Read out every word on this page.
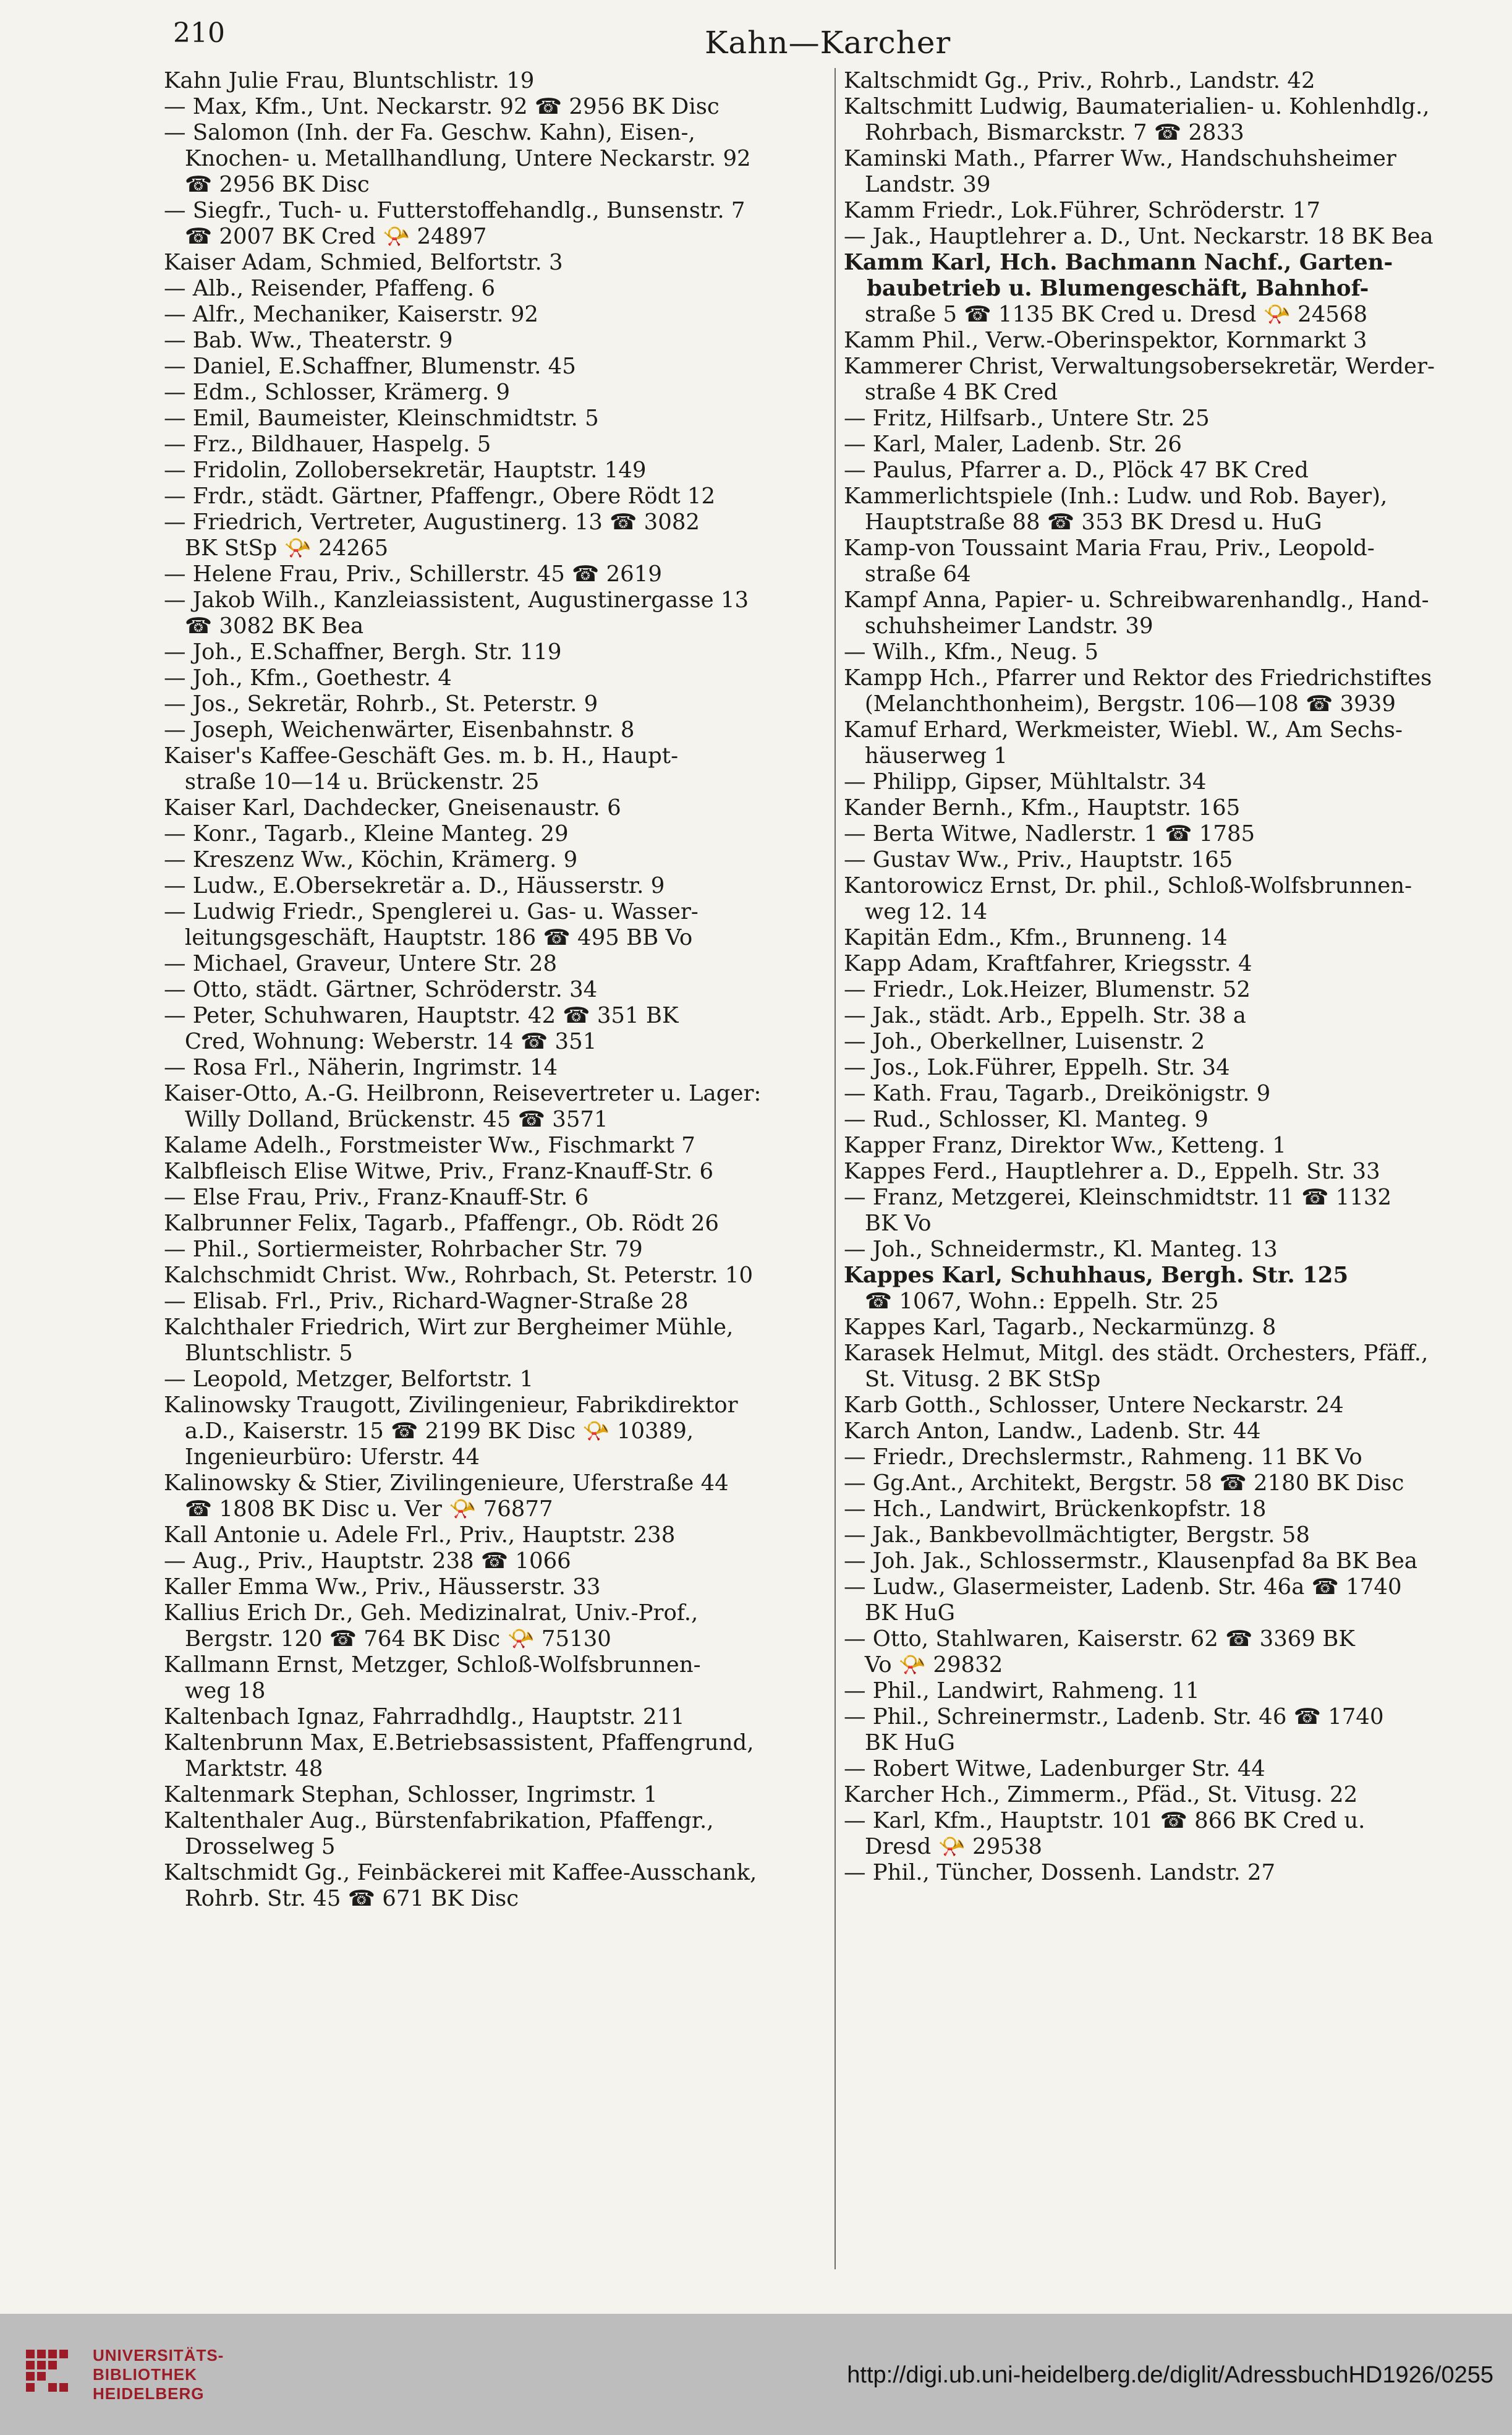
210	Kahn—Karcher
Kahn Julie Frau, Bluntschlistr. 19
— Max, Kfm., Unt. Neckarstr. 92 ☎ 2956 BK Disc
— Salomon (Inh. der Fa. Geschw. Kahn), Eisen-,
Knochen- u. Metallhandlung, Untere Neckarstr. 92
☎ 2956 BK Disc
— Siegfr., Tuch- u. Futterstoffehandlg., Bunsenstr. 7
☎ 2007 BK Cred 📯 24897
Kaiser Adam, Schmied, Belfortstr. 3
— Alb., Reisender, Pfaffeng. 6
— Alfr., Mechaniker, Kaiserstr. 92
— Bab. Ww., Theaterstr. 9
— Daniel, E.Schaffner, Blumenstr. 45
— Edm., Schlosser, Krämerg. 9
— Emil, Baumeister, Kleinschmidtstr. 5
— Frz., Bildhauer, Haspelg. 5
— Fridolin, Zollobersekretär, Hauptstr. 149
— Frdr., städt. Gärtner, Pfaffengr., Obere Rödt 12
— Friedrich, Vertreter, Augustinerg. 13 ☎ 3082
BK StSp 📯 24265
— Helene Frau, Priv., Schillerstr. 45 ☎ 2619
— Jakob Wilh., Kanzleiassistent, Augustinergasse 13
☎ 3082 BK Bea
— Joh., E.Schaffner, Bergh. Str. 119
— Joh., Kfm., Goethestr. 4
— Jos., Sekretär, Rohrb., St. Peterstr. 9
— Joseph, Weichenwärter, Eisenbahnstr. 8
Kaiser's Kaffee-Geschäft Ges. m. b. H., Haupt-
straße 10—14 u. Brückenstr. 25
Kaiser Karl, Dachdecker, Gneisenaustr. 6
— Konr., Tagarb., Kleine Manteg. 29
— Kreszenz Ww., Köchin, Krämerg. 9
— Ludw., E.Obersekretär a. D., Häusserstr. 9
— Ludwig Friedr., Spenglerei u. Gas- u. Wasser-
leitungsgeschäft, Hauptstr. 186 ☎ 495 BB Vo
— Michael, Graveur, Untere Str. 28
— Otto, städt. Gärtner, Schröderstr. 34
— Peter, Schuhwaren, Hauptstr. 42 ☎ 351 BK
Cred, Wohnung: Weberstr. 14 ☎ 351
— Rosa Frl., Näherin, Ingrimstr. 14
Kaiser-Otto, A.-G. Heilbronn, Reisevertreter u. Lager:
Willy Dolland, Brückenstr. 45 ☎ 3571
Kalame Adelh., Forstmeister Ww., Fischmarkt 7
Kalbfleisch Elise Witwe, Priv., Franz-Knauff-Str. 6
— Else Frau, Priv., Franz-Knauff-Str. 6
Kalbrunner Felix, Tagarb., Pfaffengr., Ob. Rödt 26
— Phil., Sortiermeister, Rohrbacher Str. 79
Kalchschmidt Christ. Ww., Rohrbach, St. Peterstr. 10
— Elisab. Frl., Priv., Richard-Wagner-Straße 28
Kalchthaler Friedrich, Wirt zur Bergheimer Mühle,
Bluntschlistr. 5
— Leopold, Metzger, Belfortstr. 1
Kalinowsky Traugott, Zivilingenieur, Fabrikdirektor
a.D., Kaiserstr. 15 ☎ 2199 BK Disc 📯 10389,
Ingenieurbüro: Uferstr. 44
Kalinowsky & Stier, Zivilingenieure, Uferstraße 44
☎ 1808 BK Disc u. Ver 📯 76877
Kall Antonie u. Adele Frl., Priv., Hauptstr. 238
— Aug., Priv., Hauptstr. 238 ☎ 1066
Kaller Emma Ww., Priv., Häusserstr. 33
Kallius Erich Dr., Geh. Medizinalrat, Univ.-Prof.,
Bergstr. 120 ☎ 764 BK Disc 📯 75130
Kallmann Ernst, Metzger, Schloß-Wolfsbrunnen-
weg 18
Kaltenbach Ignaz, Fahrradhdlg., Hauptstr. 211
Kaltenbrunn Max, E.Betriebsassistent, Pfaffengrund,
Marktstr. 48
Kaltenmark Stephan, Schlosser, Ingrimstr. 1
Kaltenthaler Aug., Bürstenfabrikation, Pfaffengr.,
Drosselweg 5
Kaltschmidt Gg., Feinbäckerei mit Kaffee-Ausschank,
Rohrb. Str. 45 ☎ 671 BK Disc
Kaltschmidt Gg., Priv., Rohrb., Landstr. 42
Kaltschmitt Ludwig, Baumaterialien- u. Kohlenhdlg.,
Rohrbach, Bismarckstr. 7 ☎ 2833
Kaminski Math., Pfarrer Ww., Handschuhsheimer
Landstr. 39
Kamm Friedr., Lok.Führer, Schröderstr. 17
— Jak., Hauptlehrer a. D., Unt. Neckarstr. 18 BK Bea
Kamm Karl, Hch. Bachmann Nachf., Garten-
baubetrieb u. Blumengeschäft, Bahnhof-
straße 5 ☎ 1135 BK Cred u. Dresd 📯 24568
Kamm Phil., Verw.-Oberinspektor, Kornmarkt 3
Kammerer Christ, Verwaltungsobersekretär, Werder-
straße 4 BK Cred
— Fritz, Hilfsarb., Untere Str. 25
— Karl, Maler, Ladenb. Str. 26
— Paulus, Pfarrer a. D., Plöck 47 BK Cred
Kammerlichtspiele (Inh.: Ludw. und Rob. Bayer),
Hauptstraße 88 ☎ 353 BK Dresd u. HuG
Kamp-von Toussaint Maria Frau, Priv., Leopold-
straße 64
Kampf Anna, Papier- u. Schreibwarenhandlg., Hand-
schuhsheimer Landstr. 39
— Wilh., Kfm., Neug. 5
Kampp Hch., Pfarrer und Rektor des Friedrichstiftes
(Melanchthonheim), Bergstr. 106—108 ☎ 3939
Kamuf Erhard, Werkmeister, Wiebl. W., Am Sechs-
häuserweg 1
— Philipp, Gipser, Mühltalstr. 34
Kander Bernh., Kfm., Hauptstr. 165
— Berta Witwe, Nadlerstr. 1 ☎ 1785
— Gustav Ww., Priv., Hauptstr. 165
Kantorowicz Ernst, Dr. phil., Schloß-Wolfsbrunnen-
weg 12. 14
Kapitän Edm., Kfm., Brunneng. 14
Kapp Adam, Kraftfahrer, Kriegsstr. 4
— Friedr., Lok.Heizer, Blumenstr. 52
— Jak., städt. Arb., Eppelh. Str. 38 a
— Joh., Oberkellner, Luisenstr. 2
— Jos., Lok.Führer, Eppelh. Str. 34
— Kath. Frau, Tagarb., Dreikönigstr. 9
— Rud., Schlosser, Kl. Manteg. 9
Kapper Franz, Direktor Ww., Ketteng. 1
Kappes Ferd., Hauptlehrer a. D., Eppelh. Str. 33
— Franz, Metzgerei, Kleinschmidtstr. 11 ☎ 1132
BK Vo
— Joh., Schneidermstr., Kl. Manteg. 13
Kappes Karl, Schuhhaus, Bergh. Str. 125
☎ 1067, Wohn.: Eppelh. Str. 25
Kappes Karl, Tagarb., Neckarmünzg. 8
Karasek Helmut, Mitgl. des städt. Orchesters, Pfäff.,
St. Vitusg. 2 BK StSp
Karb Gotth., Schlosser, Untere Neckarstr. 24
Karch Anton, Landw., Ladenb. Str. 44
— Friedr., Drechslermstr., Rahmeng. 11 BK Vo
— Gg.Ant., Architekt, Bergstr. 58 ☎ 2180 BK Disc
— Hch., Landwirt, Brückenkopfstr. 18
— Jak., Bankbevollmächtigter, Bergstr. 58
— Joh. Jak., Schlossermstr., Klausenpfad 8a BK Bea
— Ludw., Glasermeister, Ladenb. Str. 46a ☎ 1740
BK HuG
— Otto, Stahlwaren, Kaiserstr. 62 ☎ 3369 BK
Vo 📯 29832
— Phil., Landwirt, Rahmeng. 11
— Phil., Schreinermstr., Ladenb. Str. 46 ☎ 1740
BK HuG
— Robert Witwe, Ladenburger Str. 44
Karcher Hch., Zimmerm., Pfäd., St. Vitusg. 22
— Karl, Kfm., Hauptstr. 101 ☎ 866 BK Cred u.
Dresd 📯 29538
— Phil., Tüncher, Dossenh. Landstr. 27
UNIVERSITÄTS-
BIBLIOTHEK
HEIDELBERG
http://digi.ub.uni-heidelberg.de/diglit/AdressbuchHD1926/0255
